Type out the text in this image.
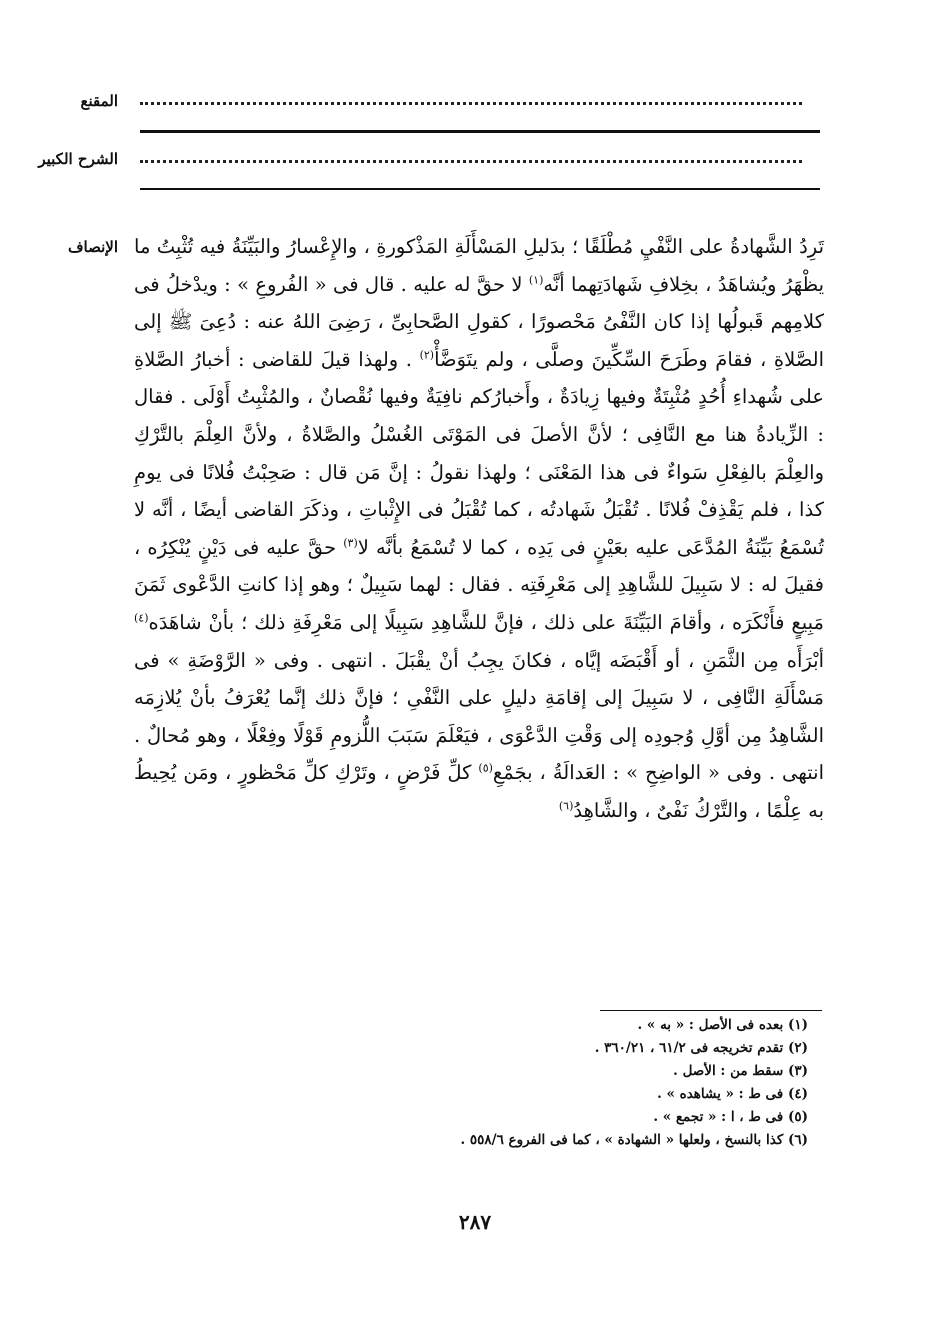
المقنع
الشرح الكبير
الإنصاف	تَرِدُ الشَّهادةُ على النَّفْيِ مُطْلَقًا ؛ بدَليلِ المَسْأَلَةِ المَذْكورةِ ، والإِعْسارُ والبَيِّنَةُ فيه تُثْبِتُ ما يظْهَرُ ويُشاهَدُ ، بخِلافِ شَهادَتِهما أنَّه$^{(١)}$ لا حقَّ له عليه . قال فى « الفُروعِ » : ويدْخلُ فى كلامِهم قَبولُها إذا كان النَّفْىُ مَحْصورًا ، كقولِ الصَّحابِىِّ ، رَضِىَ اللهُ عنه : دُعِىَ ﷺ إلى الصَّلاةِ ، فقامَ وطَرَحَ السِّكِّينَ وصلَّى ، ولم يتَوَضَّأْ$^{(٢)}$ . ولهذا قيلَ للقاضى : أخبارُ الصَّلاةِ على شُهداءِ أُحُدٍ مُثْبِتَةٌ وفيها زِيادَةٌ ، وأَخبارُكم نافِيَةٌ وفيها نُقْصانٌ ، والمُثْبِتُ أَوْلَى . فقال : الزِّيادةُ هنا مع النَّافِى ؛ لأنَّ الأصلَ فى المَوْتَى الغُسْلُ والصَّلاةُ ، ولأنَّ العِلْمَ بالتَّرْكِ والعِلْمَ بالفِعْلِ سَواءٌ فى هذا المَعْنَى ؛ ولهذا نقولُ : إنَّ مَن قال : صَحِبْتُ فُلانًا فى يومِ كذا ، فلم يَقْذِفْ فُلانًا . تُقْبَلُ شَهادتُه ، كما تُقْبَلُ فى الإِثْباتِ ، وذكَرَ القاضى أيضًا ، أنَّه لا تُسْمَعُ بَيِّنَةُ المُدَّعَى عليه بعَيْنٍ فى يَدِه ، كما لا تُسْمَعُ بأنَّه لا$^{(٣)}$ حقَّ عليه فى دَيْنٍ يُنْكِرُه ، فقيلَ له : لا سَبِيلَ للشَّاهِدِ إلى مَعْرِفَتِه . فقال : لهما سَبِيلٌ ؛ وهو إذا كانتِ الدَّعْوى ثَمَنَ مَبِيعٍ فأَنْكَرَه ، وأقامَ البَيِّنَةَ على ذلك ، فإنَّ للشَّاهِدِ سَبِيلًا إلى مَعْرِفَةِ ذلك ؛ بأنْ شاهَدَه$^{(٤)}$ أبْرَأَه مِن الثَّمَنِ ، أو أَقْبَضَه إيَّاه ، فكانَ يجِبُ أنْ يقْبَلَ . انتهى . وفى « الرَّوْضَةِ » فى مَسْأَلَةِ النَّافِى ، لا سَبِيلَ إلى إقامَةِ دليلٍ على النَّفْىِ ؛ فإنَّ ذلك إنَّما يُعْرَفُ بأنْ يُلازِمَه الشَّاهِدُ مِن أوَّلِ وُجودِه إلى وَقْتِ الدَّعْوَى ، فيَعْلَمَ سَبَبَ اللُّزومِ قَوْلًا وفِعْلًا ، وهو مُحالٌ . انتهى . وفى « الواضِحِ » : العَدالَةُ ، بجَمْعِ$^{(٥)}$ كلِّ فَرْضٍ ، وتَرْكِ كلِّ مَحْظورٍ ، ومَن يُحِيطُ به عِلْمًا ، والتَّرْكُ نَفْىٌ ، والشَّاهِدُ$^{(٦)}$
(١) بعده فى الأصل : « به » .
(٢) تقدم تخريجه فى ٦١/٢ ، ٣٦٠/٢١ .
(٣) سقط من : الأصل .
(٤) فى ط : « يشاهده » .
(٥) فى ط ، ا : « تجمع » .
(٦) كذا بالنسخ ، ولعلها « الشهادة » ، كما فى الفروع ٥٥٨/٦ .
٢٨٧
